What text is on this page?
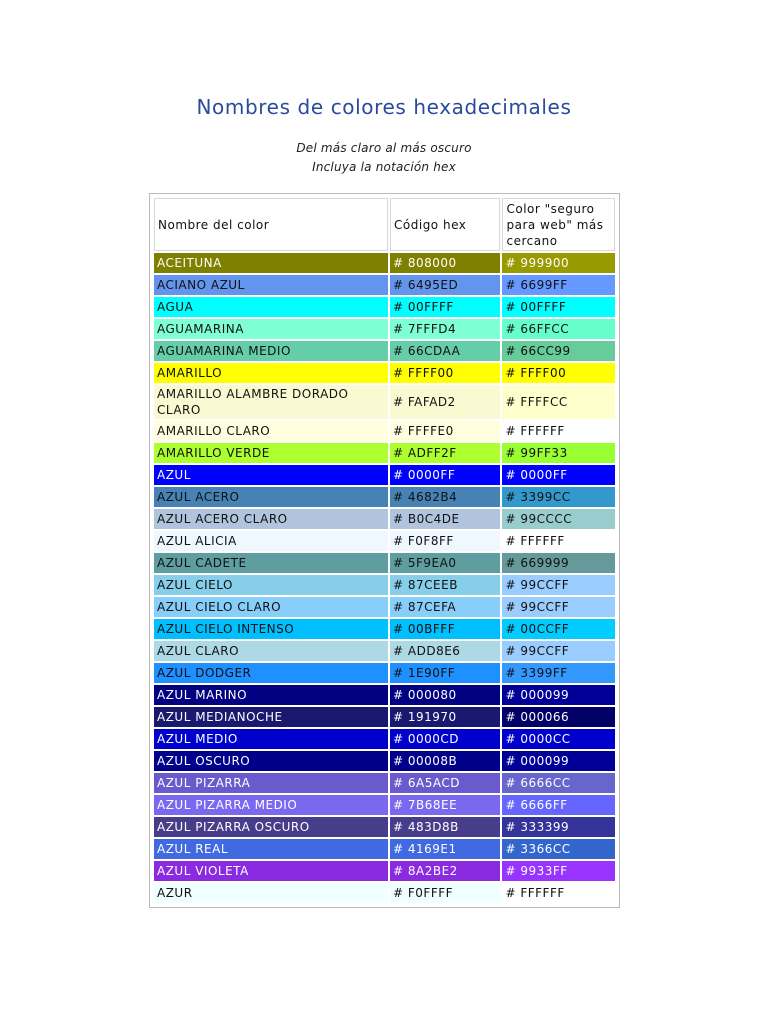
Nombres de colores hexadecimales
Del más claro al más oscuro
Incluya la notación hex
Nombre del color	Código hex	Color "seguro para web" más cercano
ACEITUNA	# 808000	# 999900
ACIANO AZUL	# 6495ED	# 6699FF
AGUA	# 00FFFF	# 00FFFF
AGUAMARINA	# 7FFFD4	# 66FFCC
AGUAMARINA MEDIO	# 66CDAA	# 66CC99
AMARILLO	# FFFF00	# FFFF00
AMARILLO ALAMBRE DORADO CLARO	# FAFAD2	# FFFFCC
AMARILLO CLARO	# FFFFE0	# FFFFFF
AMARILLO VERDE	# ADFF2F	# 99FF33
AZUL	# 0000FF	# 0000FF
AZUL ACERO	# 4682B4	# 3399CC
AZUL ACERO CLARO	# B0C4DE	# 99CCCC
AZUL ALICIA	# F0F8FF	# FFFFFF
AZUL CADETE	# 5F9EA0	# 669999
AZUL CIELO	# 87CEEB	# 99CCFF
AZUL CIELO CLARO	# 87CEFA	# 99CCFF
AZUL CIELO INTENSO	# 00BFFF	# 00CCFF
AZUL CLARO	# ADD8E6	# 99CCFF
AZUL DODGER	# 1E90FF	# 3399FF
AZUL MARINO	# 000080	# 000099
AZUL MEDIANOCHE	# 191970	# 000066
AZUL MEDIO	# 0000CD	# 0000CC
AZUL OSCURO	# 00008B	# 000099
AZUL PIZARRA	# 6A5ACD	# 6666CC
AZUL PIZARRA MEDIO	# 7B68EE	# 6666FF
AZUL PIZARRA OSCURO	# 483D8B	# 333399
AZUL REAL	# 4169E1	# 3366CC
AZUL VIOLETA	# 8A2BE2	# 9933FF
AZUR	# F0FFFF	# FFFFFF
